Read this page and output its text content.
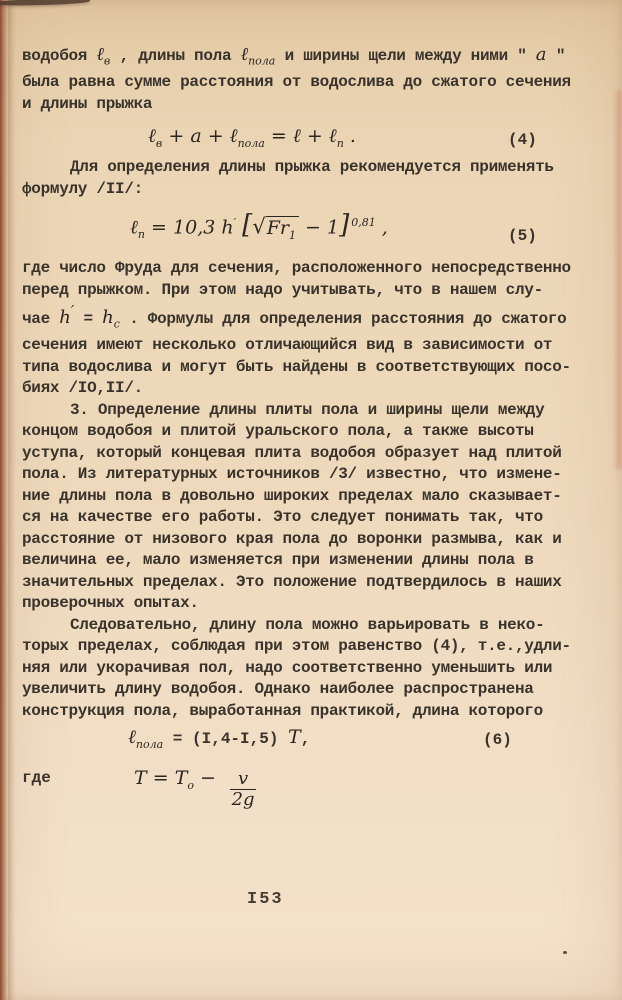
водобоя ℓ$_в$ , длины пола ℓ$_{пола}$ и ширины щели между ними " а "
была равна сумме расстояния от водослива до сжатого сечения
и длины прыжка
ℓ$_в$ + a + ℓ$_{пола}$ = ℓ + ℓ$_п$ .	(4)
Для определения длины прыжка рекомендуется применять
формулу /II/:
ℓ$_п$ = 10,3 h′ $[√Fr_1 - 1]$ $^{0,81}$ ,	(5)
где число Фруда для сечения, расположенного непосредственно
перед прыжком. При этом надо учитывать, что в нашем слу-
чае $h' = h_с$ . Формулы для определения расстояния до сжатого
сечения имеют несколько отличающийся вид в зависимости от
типа водослива и могут быть найдены в соответствующих посо-
биях /IO,II/.
3. Определение длины плиты пола и ширины щели между
концом водобоя и плитой уральского пола, а также высоты
уступа, который концевая плита водобоя образует над плитой
пола. Из литературных источников /3/ известно, что измене-
ние длины пола в довольно широких пределах мало сказывает-
ся на качестве его работы. Это следует понимать так, что
расстояние от низового края пола до воронки размыва, как и
величина ее, мало изменяется при изменении длины пола в
значительных пределах. Это положение подтвердилось в наших
проверочных опытах.
Следовательно, длину пола можно варьировать в неко-
торых пределах, соблюдая при этом равенство (4), т.е.,удли-
няя или укорачивая пол, надо соответственно уменьшить или
увеличить длину водобоя. Однако наиболее распространена
конструкция пола, выработанная практикой, длина которого
ℓ$_{пола}$ = (I,4-I,5) T,	(6)
где	$T = T_о - \frac{v}{2g}$
I53
